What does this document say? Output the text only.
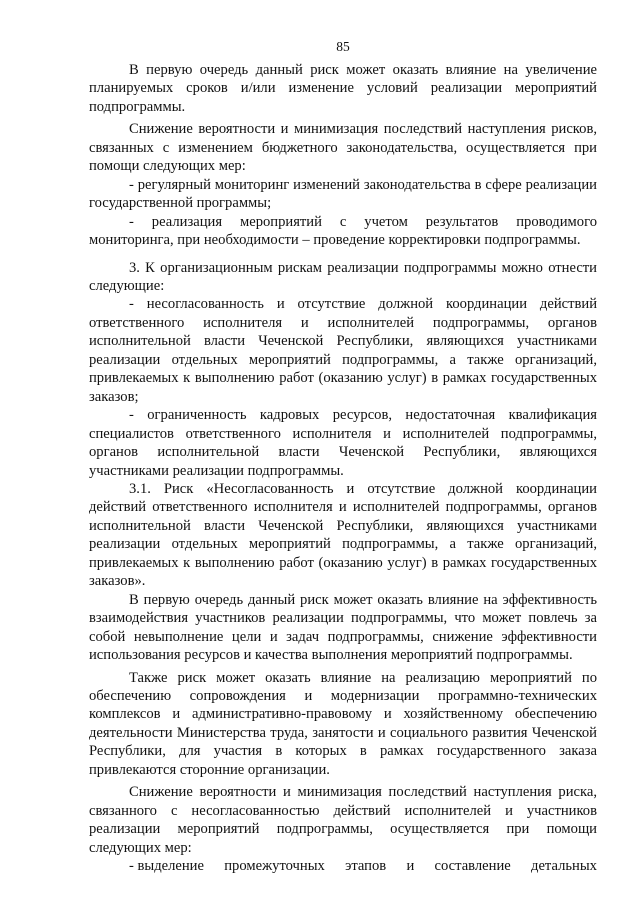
85

В первую очередь данный риск может оказать влияние на увеличение планируемых сроков и/или изменение условий реализации мероприятий подпрограммы.

Снижение вероятности и минимизация последствий наступления рисков, связанных с изменением бюджетного законодательства, осуществляется при помощи следующих мер:

- регулярный мониторинг изменений законодательства в сфере реализации государственной программы;

- реализация мероприятий с учетом результатов проводимого мониторинга, при необходимости – проведение корректировки подпрограммы.

3. К организационным рискам реализации подпрограммы можно отнести следующие:

- несогласованность и отсутствие должной координации действий ответственного исполнителя и исполнителей подпрограммы, органов исполнительной власти Чеченской Республики, являющихся участниками реализации отдельных мероприятий подпрограммы, а также организаций, привлекаемых к выполнению работ (оказанию услуг) в рамках государственных заказов;

- ограниченность кадровых ресурсов, недостаточная квалификация специалистов ответственного исполнителя и исполнителей подпрограммы, органов исполнительной власти Чеченской Республики, являющихся участниками реализации подпрограммы.

3.1. Риск «Несогласованность и отсутствие должной координации действий ответственного исполнителя и исполнителей подпрограммы, органов исполнительной власти Чеченской Республики, являющихся участниками реализации отдельных мероприятий подпрограммы, а также организаций, привлекаемых к выполнению работ (оказанию услуг) в рамках государственных заказов».

В первую очередь данный риск может оказать влияние на эффективность взаимодействия участников реализации подпрограммы, что может повлечь за собой невыполнение цели и задач подпрограммы, снижение эффективности использования ресурсов и качества выполнения мероприятий подпрограммы.

Также риск может оказать влияние на реализацию мероприятий по обеспечению сопровождения и модернизации программно-технических комплексов и административно-правовому и хозяйственному обеспечению деятельности Министерства труда, занятости и социального развития Чеченской Республики, для участия в которых в рамках государственного заказа привлекаются сторонние организации.

Снижение вероятности и минимизация последствий наступления риска, связанного с несогласованностью действий исполнителей и участников реализации мероприятий подпрограммы, осуществляется при помощи следующих мер:

- выделение промежуточных этапов и составление детальных
